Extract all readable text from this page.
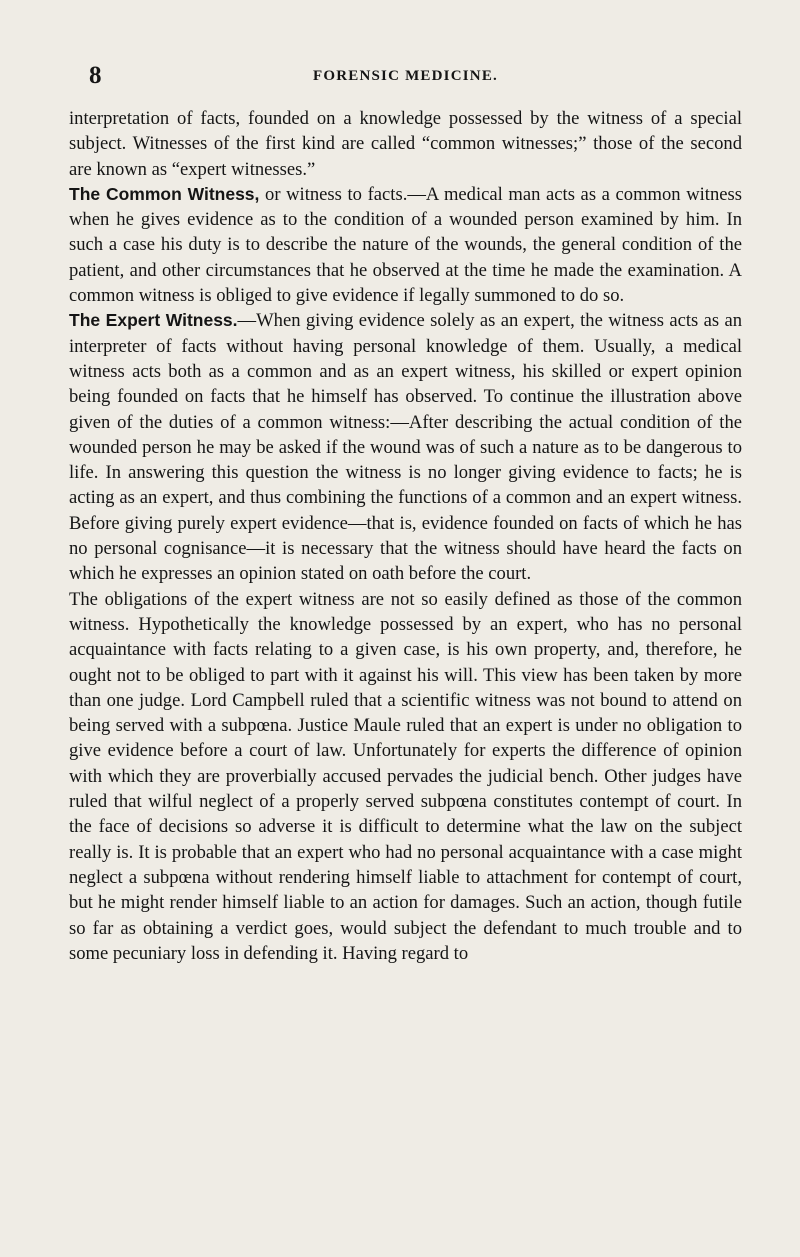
8	FORENSIC MEDICINE.

interpretation of facts, founded on a knowledge possessed by the witness of a special subject. Witnesses of the first kind are called “common witnesses;” those of the second are known as “expert witnesses.”

The Common Witness, or witness to facts.—A medical man acts as a common witness when he gives evidence as to the condition of a wounded person examined by him. In such a case his duty is to describe the nature of the wounds, the general condition of the patient, and other circumstances that he observed at the time he made the examination. A common witness is obliged to give evidence if legally summoned to do so.

The Expert Witness.—When giving evidence solely as an expert, the witness acts as an interpreter of facts without having personal knowledge of them. Usually, a medical witness acts both as a common and as an expert witness, his skilled or expert opinion being founded on facts that he himself has observed. To continue the illustration above given of the duties of a common witness:—After describing the actual condition of the wounded person he may be asked if the wound was of such a nature as to be dangerous to life. In answering this question the witness is no longer giving evidence to facts; he is acting as an expert, and thus combining the functions of a common and an expert witness. Before giving purely expert evidence—that is, evidence founded on facts of which he has no personal cognisance—it is necessary that the witness should have heard the facts on which he expresses an opinion stated on oath before the court.

The obligations of the expert witness are not so easily defined as those of the common witness. Hypothetically the knowledge possessed by an expert, who has no personal acquaintance with facts relating to a given case, is his own property, and, therefore, he ought not to be obliged to part with it against his will. This view has been taken by more than one judge. Lord Campbell ruled that a scientific witness was not bound to attend on being served with a subpœna. Justice Maule ruled that an expert is under no obligation to give evidence before a court of law. Unfortunately for experts the difference of opinion with which they are proverbially accused pervades the judicial bench. Other judges have ruled that wilful neglect of a properly served subpœna constitutes contempt of court. In the face of decisions so adverse it is difficult to determine what the law on the subject really is. It is probable that an expert who had no personal acquaintance with a case might neglect a subpœna without rendering himself liable to attachment for contempt of court, but he might render himself liable to an action for damages. Such an action, though futile so far as obtaining a verdict goes, would subject the defendant to much trouble and to some pecuniary loss in defending it. Having regard to
